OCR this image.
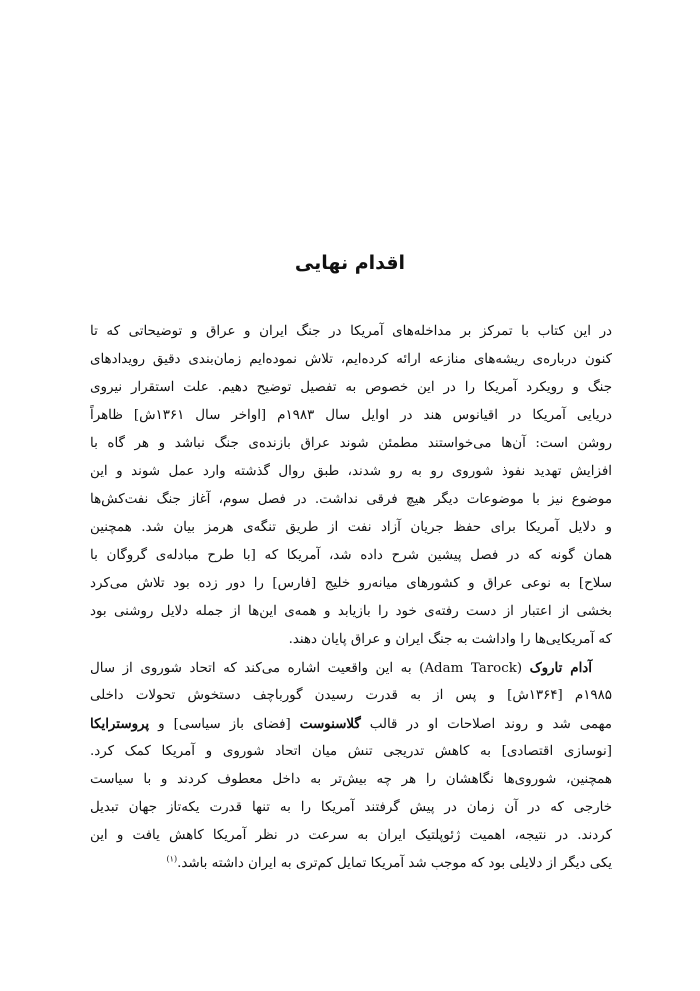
اقدام نهایی
در این کتاب با تمرکز بر مداخله‌های آمریکا در جنگ ایران و عراق و توضیحاتی که تا
کنون درباره‌ی ریشه‌های منازعه ارائه کرده‌ایم، تلاش نموده‌ایم زمان‌بندی دقیق رویدادهای
جنگ و رویکرد آمریکا را در این خصوص به تفصیل توضیح دهیم. علت استقرار نیروی
دریایی آمریکا در اقیانوس هند در اوایل سال ۱۹۸۳م [اواخر سال ۱۳۶۱ش] ظاهراً
روشن است: آن‌ها می‌خواستند مطمئن شوند عراق بازنده‌ی جنگ نباشد و هر گاه با
افزایش تهدید نفوذ شوروی رو به رو شدند، طبق روال گذشته وارد عمل شوند و این
موضوع نیز با موضوعات دیگر هیچ فرقی نداشت. در فصل سوم، آغاز جنگ نفت‌کش‌ها
و دلایل آمریکا برای حفظ جریان آزاد نفت از طریق تنگه‌ی هرمز بیان شد. همچنین
همان گونه که در فصل پیشین شرح داده شد، آمریکا که [با طرح مبادله‌ی گروگان با
سلاح] به نوعی عراق و کشورهای میانه‌رو خلیج [فارس] را دور زده بود تلاش می‌کرد
بخشی از اعتبار از دست رفته‌ی خود را بازیابد و همه‌ی این‌ها از جمله دلایل روشنی بود
که آمریکایی‌ها را واداشت به جنگ ایران و عراق پایان دهند.
آدام تاروک (Adam Tarock) به این واقعیت اشاره می‌کند که اتحاد شوروی از سال
۱۹۸۵م [۱۳۶۴ش] و پس از به قدرت رسیدن گورباچف دستخوش تحولات داخلی
مهمی شد و روند اصلاحات او در قالب گلاسنوست [فضای باز سیاسی] و پروسترایکا
[نوسازی اقتصادی] به کاهش تدریجی تنش میان اتحاد شوروی و آمریکا کمک کرد.
همچنین، شوروی‌ها نگاهشان را هر چه بیش‌تر به داخل معطوف کردند و با سیاست
خارجی که در آن زمان در پیش گرفتند آمریکا را به تنها قدرت یکه‌تاز جهان تبدیل
کردند. در نتیجه، اهمیت ژئوپلتیک ایران به سرعت در نظر آمریکا کاهش یافت و این
یکی دیگر از دلایلی بود که موجب شد آمریکا تمایل کم‌تری به ایران داشته باشد.$^{(۱)}$
